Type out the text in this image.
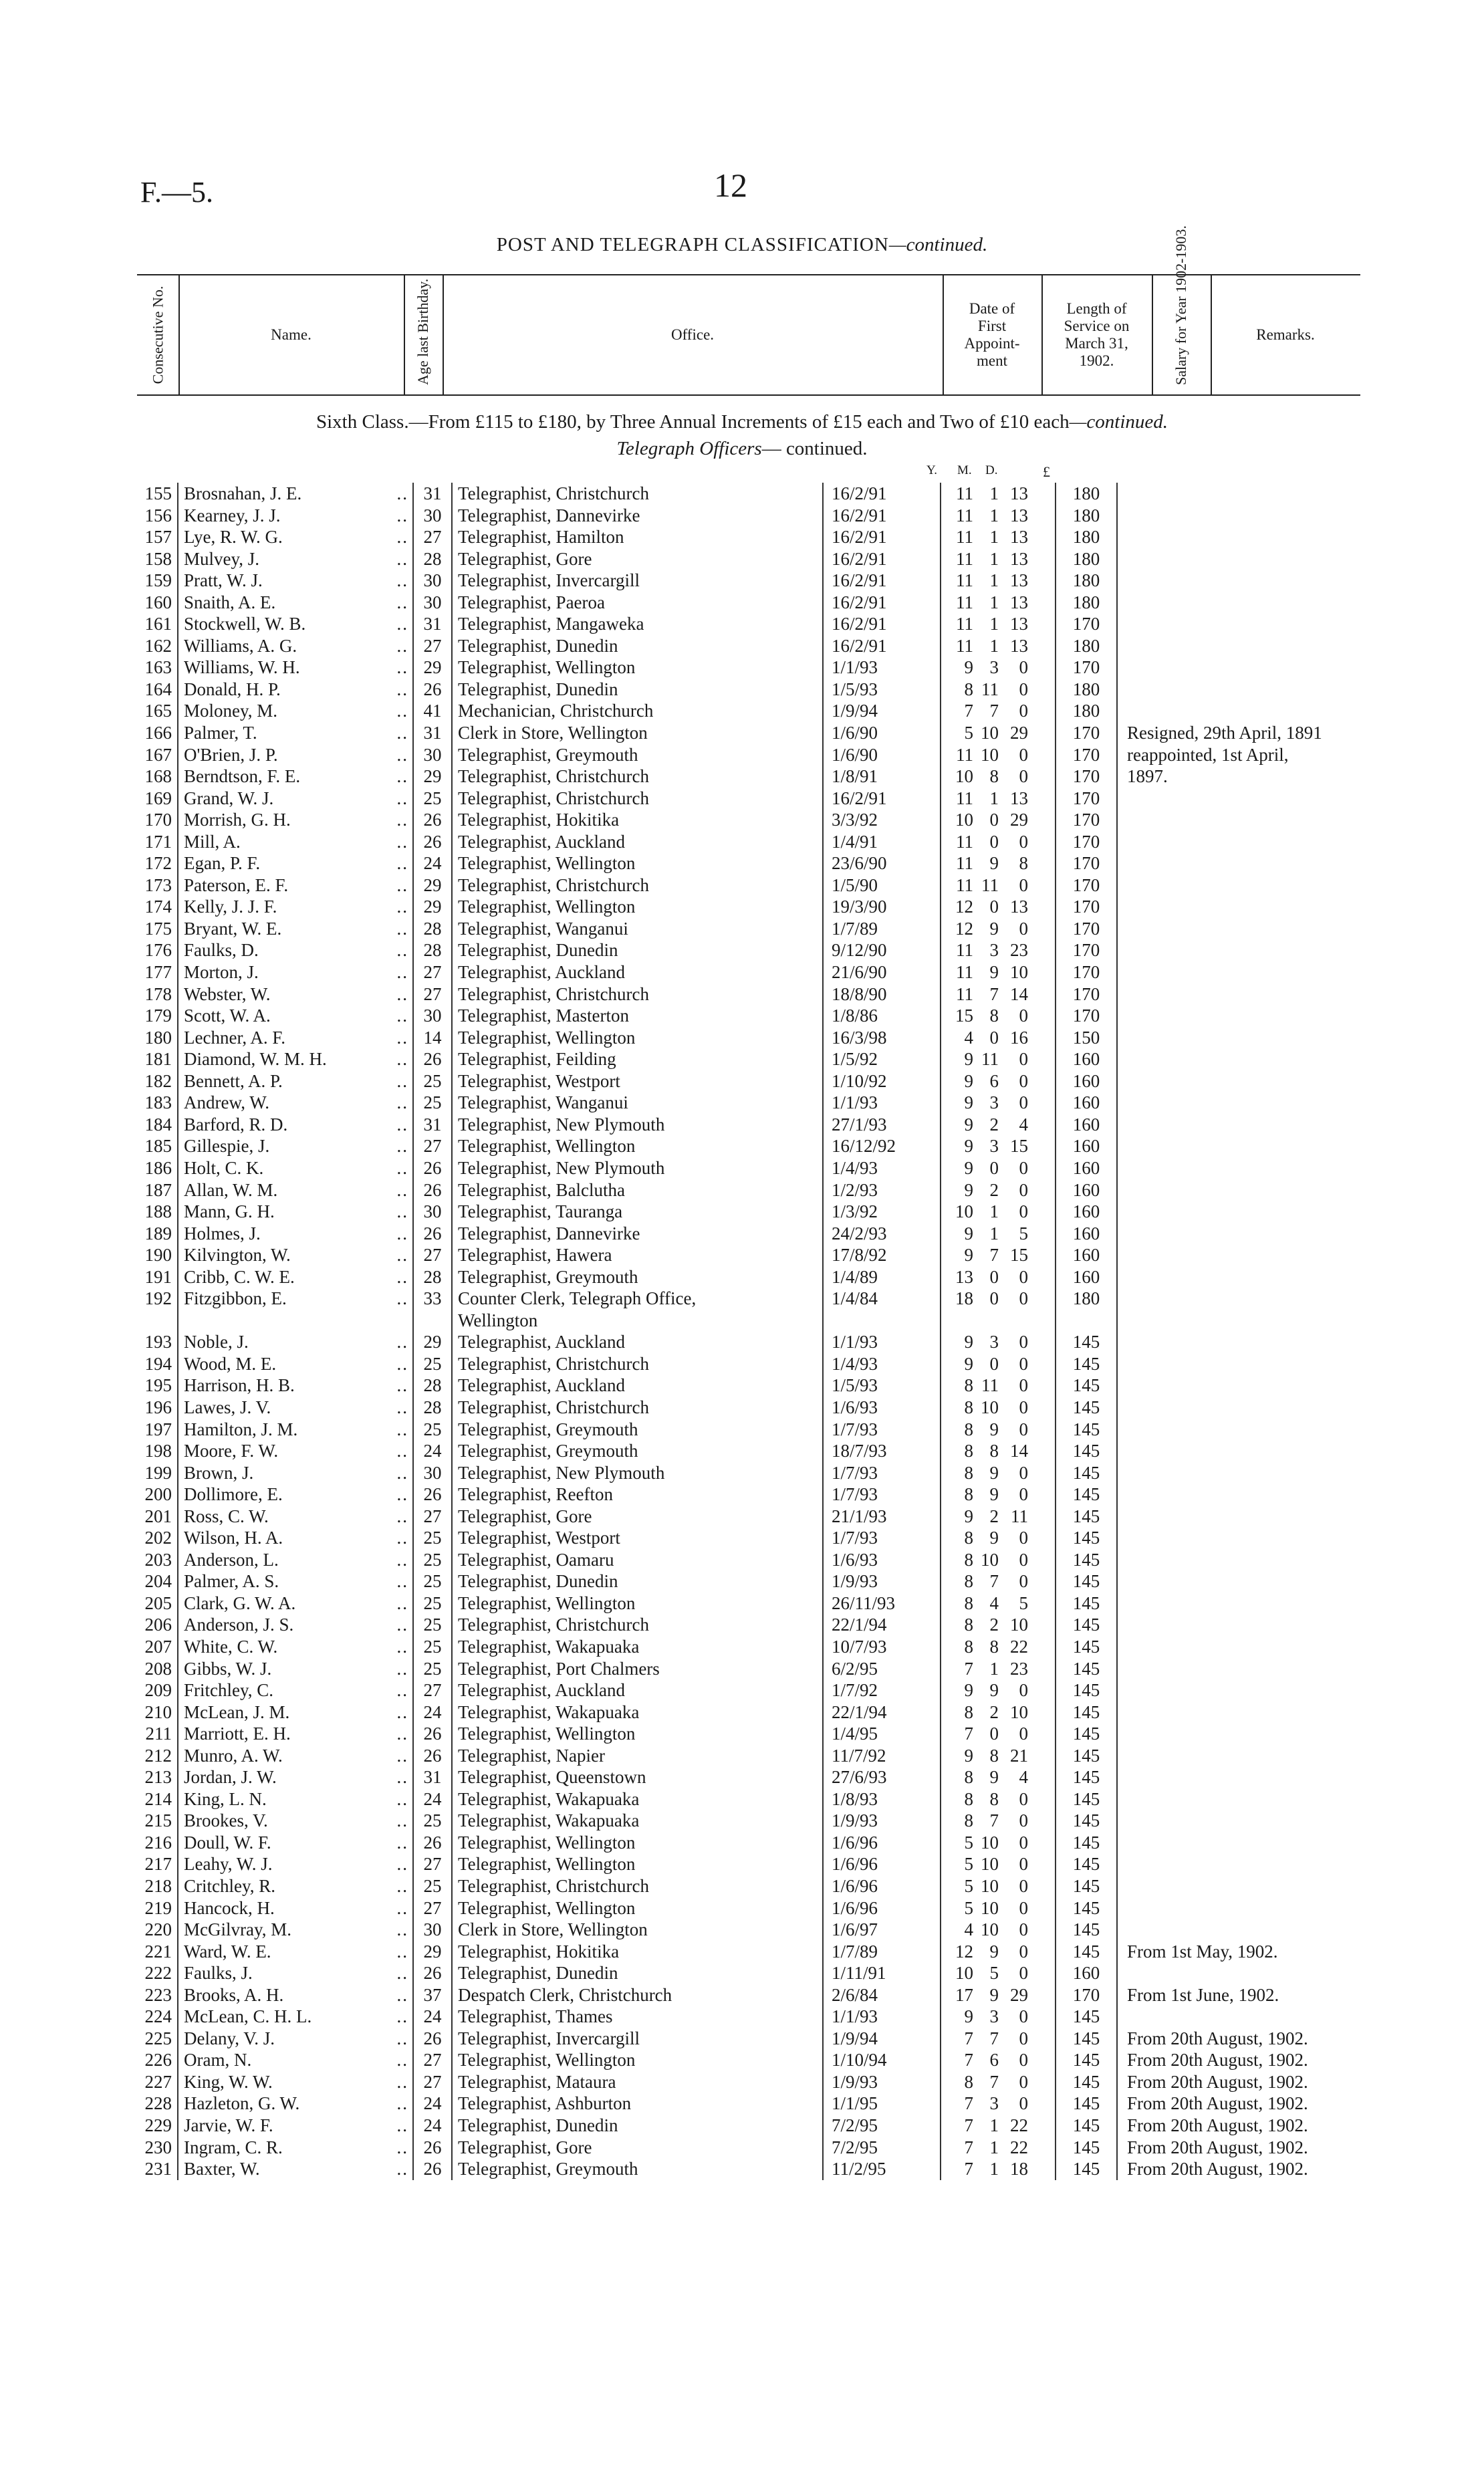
F.—5.	12
POST AND TELEGRAPH CLASSIFICATION—continued.
Consecutive No.	Name.	Age last Birthday.	Office.
Date of First Appoint- ment
Length of Service on March 31, 1902.	Salary for Year 1902-1903.	Remarks.
Sixth Class.—From £115 to £180, by Three Annual Increments of £15 each and Two of £10 each—continued.
Telegraph Officers— continued.
Y. M. D.	£
155	Brosnahan, J. E. ..	31	Telegraphist, Christchurch	16/2/91	11 1 13	180	
156	Kearney, J. J. ..	30	Telegraphist, Dannevirke	16/2/91	11 1 13	180	
157	Lye, R. W. G. ..	27	Telegraphist, Hamilton	16/2/91	11 1 13	180	
158	Mulvey, J. ..	28	Telegraphist, Gore	16/2/91	11 1 13	180	
159	Pratt, W. J. ..	30	Telegraphist, Invercargill	16/2/91	11 1 13	180	
160	Snaith, A. E. ..	30	Telegraphist, Paeroa	16/2/91	11 1 13	180	
161	Stockwell, W. B. ..	31	Telegraphist, Mangaweka	16/2/91	11 1 13	170	
162	Williams, A. G. ..	27	Telegraphist, Dunedin	16/2/91	11 1 13	180	
163	Williams, W. H. ..	29	Telegraphist, Wellington	1/1/93	9 3 0	170	
164	Donald, H. P. ..	26	Telegraphist, Dunedin	1/5/93	8 11 0	180	
165	Moloney, M. ..	41	Mechanician, Christchurch	1/9/94	7 7 0	180	
166	Palmer, T. ..	31	Clerk in Store, Wellington	1/6/90	5 10 29	170	Resigned, 29th April, 1891
167	O'Brien, J. P. ..	30	Telegraphist, Greymouth	1/6/90	11 10 0	170	reappointed, 1st April,
168	Berndtson, F. E. ..	29	Telegraphist, Christchurch	1/8/91	10 8 0	170	1897.
169	Grand, W. J. ..	25	Telegraphist, Christchurch	16/2/91	11 1 13	170	
170	Morrish, G. H. ..	26	Telegraphist, Hokitika	3/3/92	10 0 29	170	
171	Mill, A. ..	26	Telegraphist, Auckland	1/4/91	11 0 0	170	
172	Egan, P. F. ..	24	Telegraphist, Wellington	23/6/90	11 9 8	170	
173	Paterson, E. F. ..	29	Telegraphist, Christchurch	1/5/90	11 11 0	170	
174	Kelly, J. J. F. ..	29	Telegraphist, Wellington	19/3/90	12 0 13	170	
175	Bryant, W. E. ..	28	Telegraphist, Wanganui	1/7/89	12 9 0	170	
176	Faulks, D. ..	28	Telegraphist, Dunedin	9/12/90	11 3 23	170	
177	Morton, J. ..	27	Telegraphist, Auckland	21/6/90	11 9 10	170	
178	Webster, W. ..	27	Telegraphist, Christchurch	18/8/90	11 7 14	170	
179	Scott, W. A. ..	30	Telegraphist, Masterton	1/8/86	15 8 0	170	
180	Lechner, A. F. ..	14	Telegraphist, Wellington	16/3/98	4 0 16	150	
181	Diamond, W. M. H. ..	26	Telegraphist, Feilding	1/5/92	9 11 0	160	
182	Bennett, A. P. ..	25	Telegraphist, Westport	1/10/92	9 6 0	160	
183	Andrew, W. ..	25	Telegraphist, Wanganui	1/1/93	9 3 0	160	
184	Barford, R. D. ..	31	Telegraphist, New Plymouth	27/1/93	9 2 4	160	
185	Gillespie, J. ..	27	Telegraphist, Wellington	16/12/92	9 3 15	160	
186	Holt, C. K. ..	26	Telegraphist, New Plymouth	1/4/93	9 0 0	160	
187	Allan, W. M. ..	26	Telegraphist, Balclutha	1/2/93	9 2 0	160	
188	Mann, G. H. ..	30	Telegraphist, Tauranga	1/3/92	10 1 0	160	
189	Holmes, J. ..	26	Telegraphist, Dannevirke	24/2/93	9 1 5	160	
190	Kilvington, W. ..	27	Telegraphist, Hawera	17/8/92	9 7 15	160	
191	Cribb, C. W. E. ..	28	Telegraphist, Greymouth	1/4/89	13 0 0	160	
192	Fitzgibbon, E. ..	33	Counter Clerk, Telegraph Office,	1/4/84	18 0 0	180	
			Wellington		

193	Noble, J. ..	29	Telegraphist, Auckland	1/1/93	9 3 0	145	
194	Wood, M. E. ..	25	Telegraphist, Christchurch	1/4/93	9 0 0	145	
195	Harrison, H. B. ..	28	Telegraphist, Auckland	1/5/93	8 11 0	145	
196	Lawes, J. V. ..	28	Telegraphist, Christchurch	1/6/93	8 10 0	145	
197	Hamilton, J. M. ..	25	Telegraphist, Greymouth	1/7/93	8 9 0	145	
198	Moore, F. W. ..	24	Telegraphist, Greymouth	18/7/93	8 8 14	145	
199	Brown, J. ..	30	Telegraphist, New Plymouth	1/7/93	8 9 0	145	
200	Dollimore, E. ..	26	Telegraphist, Reefton	1/7/93	8 9 0	145	
201	Ross, C. W. ..	27	Telegraphist, Gore	21/1/93	9 2 11	145	
202	Wilson, H. A. ..	25	Telegraphist, Westport	1/7/93	8 9 0	145	
203	Anderson, L. ..	25	Telegraphist, Oamaru	1/6/93	8 10 0	145	
204	Palmer, A. S. ..	25	Telegraphist, Dunedin	1/9/93	8 7 0	145	
205	Clark, G. W. A. ..	25	Telegraphist, Wellington	26/11/93	8 4 5	145	
206	Anderson, J. S. ..	25	Telegraphist, Christchurch	22/1/94	8 2 10	145	
207	White, C. W. ..	25	Telegraphist, Wakapuaka	10/7/93	8 8 22	145	
208	Gibbs, W. J. ..	25	Telegraphist, Port Chalmers	6/2/95	7 1 23	145	
209	Fritchley, C. ..	27	Telegraphist, Auckland	1/7/92	9 9 0	145	
210	McLean, J. M. ..	24	Telegraphist, Wakapuaka	22/1/94	8 2 10	145	
211	Marriott, E. H. ..	26	Telegraphist, Wellington	1/4/95	7 0 0	145	
212	Munro, A. W. ..	26	Telegraphist, Napier	11/7/92	9 8 21	145	
213	Jordan, J. W. ..	31	Telegraphist, Queenstown	27/6/93	8 9 4	145	
214	King, L. N. ..	24	Telegraphist, Wakapuaka	1/8/93	8 8 0	145	
215	Brookes, V. ..	25	Telegraphist, Wakapuaka	1/9/93	8 7 0	145	
216	Doull, W. F. ..	26	Telegraphist, Wellington	1/6/96	5 10 0	145	
217	Leahy, W. J. ..	27	Telegraphist, Wellington	1/6/96	5 10 0	145	
218	Critchley, R. ..	25	Telegraphist, Christchurch	1/6/96	5 10 0	145	
219	Hancock, H. ..	27	Telegraphist, Wellington	1/6/96	5 10 0	145	
220	McGilvray, M. ..	30	Clerk in Store, Wellington	1/6/97	4 10 0	145	
221	Ward, W. E. ..	29	Telegraphist, Hokitika	1/7/89	12 9 0	145	From 1st May, 1902.
222	Faulks, J. ..	26	Telegraphist, Dunedin	1/11/91	10 5 0	160	
223	Brooks, A. H. ..	37	Despatch Clerk, Christchurch	2/6/84	17 9 29	170	From 1st June, 1902.
224	McLean, C. H. L. ..	24	Telegraphist, Thames	1/1/93	9 3 0	145	
225	Delany, V. J. ..	26	Telegraphist, Invercargill	1/9/94	7 7 0	145	From 20th August, 1902.
226	Oram, N. ..	27	Telegraphist, Wellington	1/10/94	7 6 0	145	From 20th August, 1902.
227	King, W. W. ..	27	Telegraphist, Mataura	1/9/93	8 7 0	145	From 20th August, 1902.
228	Hazleton, G. W. ..	24	Telegraphist, Ashburton	1/1/95	7 3 0	145	From 20th August, 1902.
229	Jarvie, W. F. ..	24	Telegraphist, Dunedin	7/2/95	7 1 22	145	From 20th August, 1902.
230	Ingram, C. R. ..	26	Telegraphist, Gore	7/2/95	7 1 22	145	From 20th August, 1902.
231	Baxter, W. ..	26	Telegraphist, Greymouth	11/2/95	7 1 18	145	From 20th August, 1902.
